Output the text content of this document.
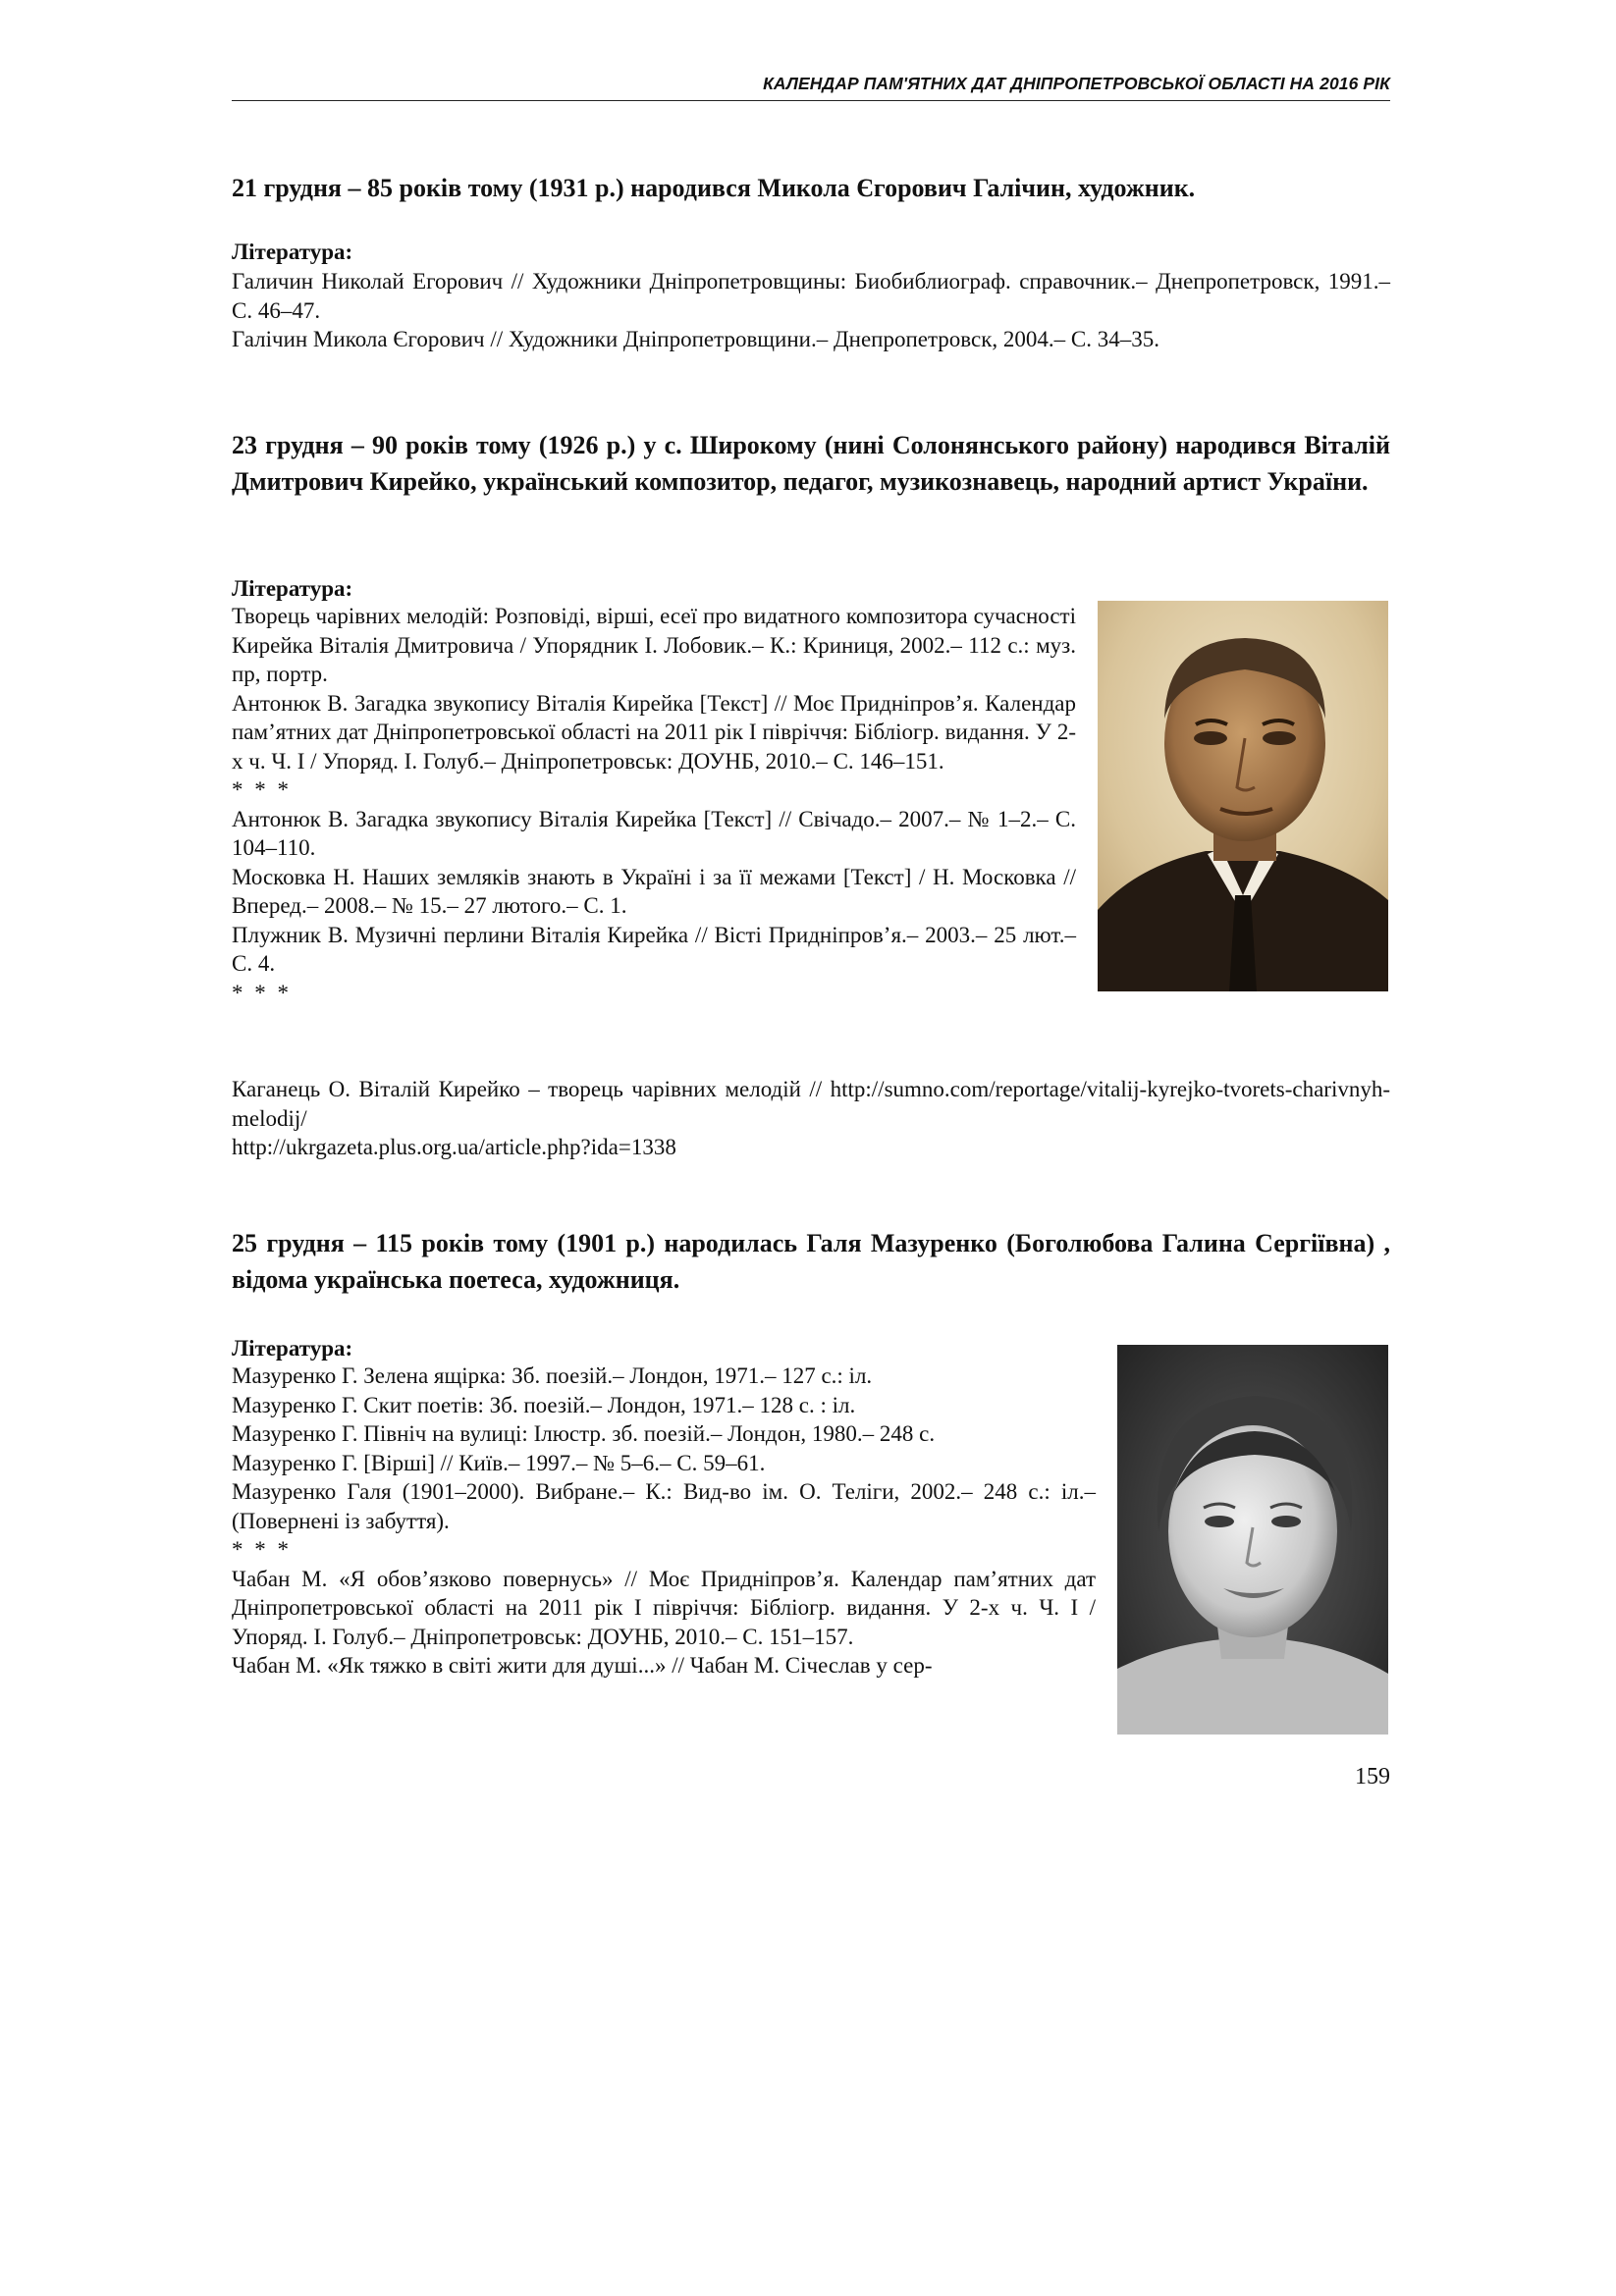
КАЛЕНДАР ПАМ'ЯТНИХ ДАТ ДНІПРОПЕТРОВСЬКОЇ ОБЛАСТІ НА 2016 РІК
21 грудня – 85 років тому (1931 р.) народився Микола Єгорович Галічин, художник.
Література:

Галичин Николай Егорович // Художники Дніпропетровщины: Биобиблиограф. справочник.– Днепропетровск, 1991.– С. 46–47.

Галічин Микола Єгорович // Художники Дніпропетровщини.– Днепропетровск, 2004.– С. 34–35.

23 грудня – 90 років тому (1926 р.) у с. Широкому (нині Солонянського району) народився Віталій Дмитрович Кирейко, український композитор, педагог, музикознавець, народний артист України.
Література:

Творець чарівних мелодій: Розповіді, вірші, есеї про видатного композитора сучасності Кирейка Віталія Дмитровича / Упорядник І. Лобовик.– К.: Криниця, 2002.– 112 с.: муз. пр, портр.

Антонюк В. Загадка звукопису Віталія Кирейка [Текст] // Моє Придніпров’я. Календар пам’ятних дат Дніпропетровської області на 2011 рік І півріччя: Бібліогр. видання. У 2-х ч. Ч. І / Упоряд. І. Голуб.– Дніпропетровськ: ДОУНБ, 2010.– С. 146–151.

* * *

Антонюк В. Загадка звукопису Віталія Кирейка [Текст] // Свічадо.– 2007.– № 1–2.– С. 104–110.

Московка Н. Наших земляків знають в Україні і за її межами [Текст] / Н. Московка // Вперед.– 2008.– № 15.– 27 лютого.– С. 1.

Плужник В. Музичні перлини Віталія Кирейка // Вісті Придніпров’я.– 2003.– 25 лют.– С. 4.

* * *

Каганець О. Віталій Кирейко – творець чарівних мелодій // http://sumno.com/reportage/vitalij-kyrejko-tvorets-charivnyh-melodij/

http://ukrgazeta.plus.org.ua/article.php?ida=1338

25 грудня – 115 років тому (1901 р.) народилась Галя Мазуренко (Боголюбова Галина Сергіївна) , відома українська поетеса, художниця.
Література:

Мазуренко Г. Зелена ящірка: Зб. поезій.– Лондон, 1971.– 127 с.: іл.

Мазуренко Г. Скит поетів: Зб. поезій.– Лондон, 1971.– 128 с. : іл.

Мазуренко Г. Північ на вулиці: Ілюстр. зб. поезій.– Лондон, 1980.– 248 с.

Мазуренко Г. [Вірші] // Київ.– 1997.– № 5–6.– С. 59–61.

Мазуренко Галя (1901–2000). Вибране.– К.: Вид-во ім. О. Теліги, 2002.– 248 с.: іл.– (Повернені із забуття).

* * *

Чабан М. «Я обов’язково повернусь» // Моє Придніпров’я. Календар пам’ятних дат Дніпропетровської області на 2011 рік І півріччя: Бібліогр. видання. У 2-х ч. Ч. І / Упоряд. І. Голуб.– Дніпропетровськ: ДОУНБ, 2010.– С. 151–157.

Чабан М. «Як тяжко в світі жити для душі...» // Чабан М. Січеслав у сер-

159
